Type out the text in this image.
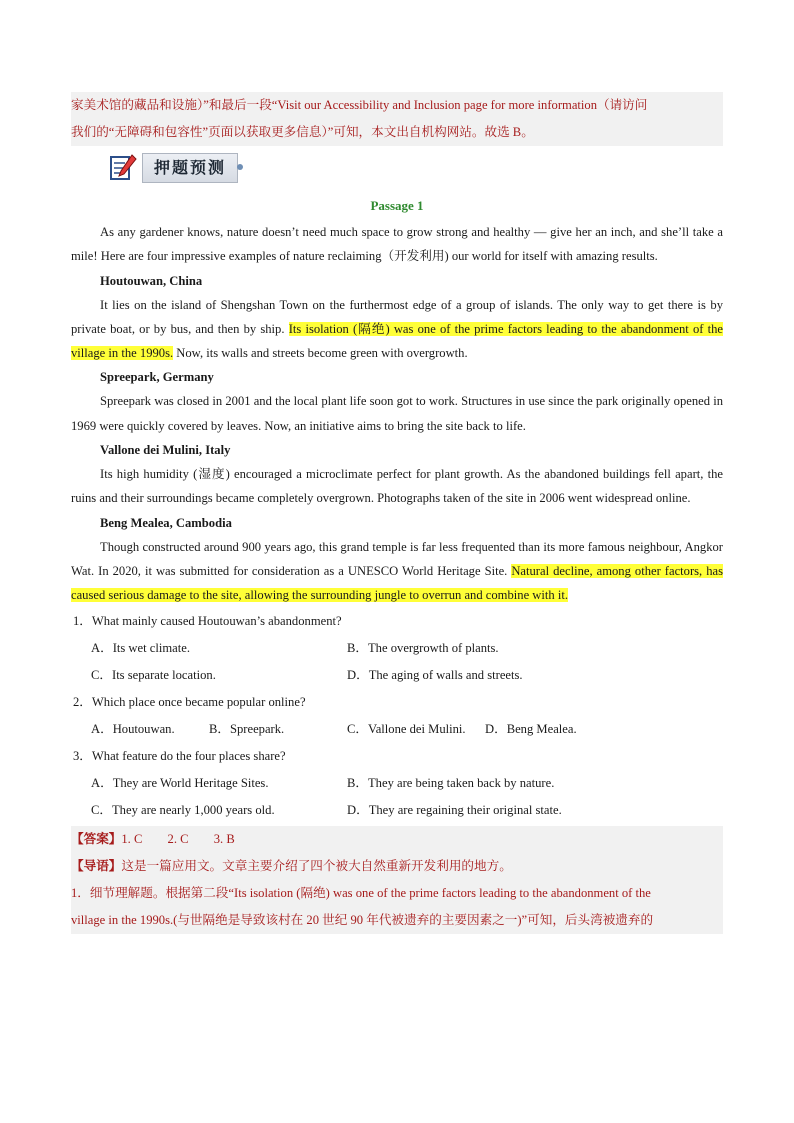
家美术馆的藏品和设施）”和最后一段“Visit our Accessibility and Inclusion page for more information（请访问

我们的“无障碍和包容性”页面以获取更多信息）”可知，本文出自机构网站。故选 B。

押题预测
Passage 1

As any gardener knows, nature doesn’t need much space to grow strong and healthy — give her an inch, and she’ll take a mile! Here are four impressive examples of nature reclaiming（开发利用) our world for itself with amazing results.

Houtouwan, China

It lies on the island of Shengshan Town on the furthermost edge of a group of islands. The only way to get there is by private boat, or by bus, and then by ship. Its isolation (隔绝) was one of the prime factors leading to the abandonment of the village in the 1990s. Now, its walls and streets become green with overgrowth.

Spreepark, Germany

Spreepark was closed in 2001 and the local plant life soon got to work. Structures in use since the park originally opened in 1969 were quickly covered by leaves. Now, an initiative aims to bring the site back to life.

Vallone dei Mulini, Italy

Its high humidity (湿度) encouraged a microclimate perfect for plant growth. As the abandoned buildings fell apart, the ruins and their surroundings became completely overgrown. Photographs taken of the site in 2006 went widespread online.

Beng Mealea, Cambodia

Though constructed around 900 years ago, this grand temple is far less frequented than its more famous neighbour, Angkor Wat. In 2020, it was submitted for consideration as a UNESCO World Heritage Site. Natural decline, among other factors, has caused serious damage to the site, allowing the surrounding jungle to overrun and combine with it.

1．What mainly caused Houtouwan’s abandonment?

A．Its wet climate.	B．The overgrowth of plants.
C．Its separate location.	D．The aging of walls and streets.

2．Which place once became popular online?

A．Houtouwan.	B．Spreepark.	C．Vallone dei Mulini. D．Beng Mealea.

3．What feature do the four places share?

A．They are World Heritage Sites.	B．They are being taken back by nature.
C．They are nearly 1,000 years old.	D．They are regaining their original state.

【答案】1. C　　2. C　　3. B

【导语】这是一篇应用文。文章主要介绍了四个被大自然重新开发利用的地方。

1．细节理解题。根据第二段“Its isolation (隔绝) was one of the prime factors leading to the abandonment of the

village in the 1990s.(与世隔绝是导致该村在 20 世纪 90 年代被遗弃的主要因素之一)”可知，后头湾被遗弃的
